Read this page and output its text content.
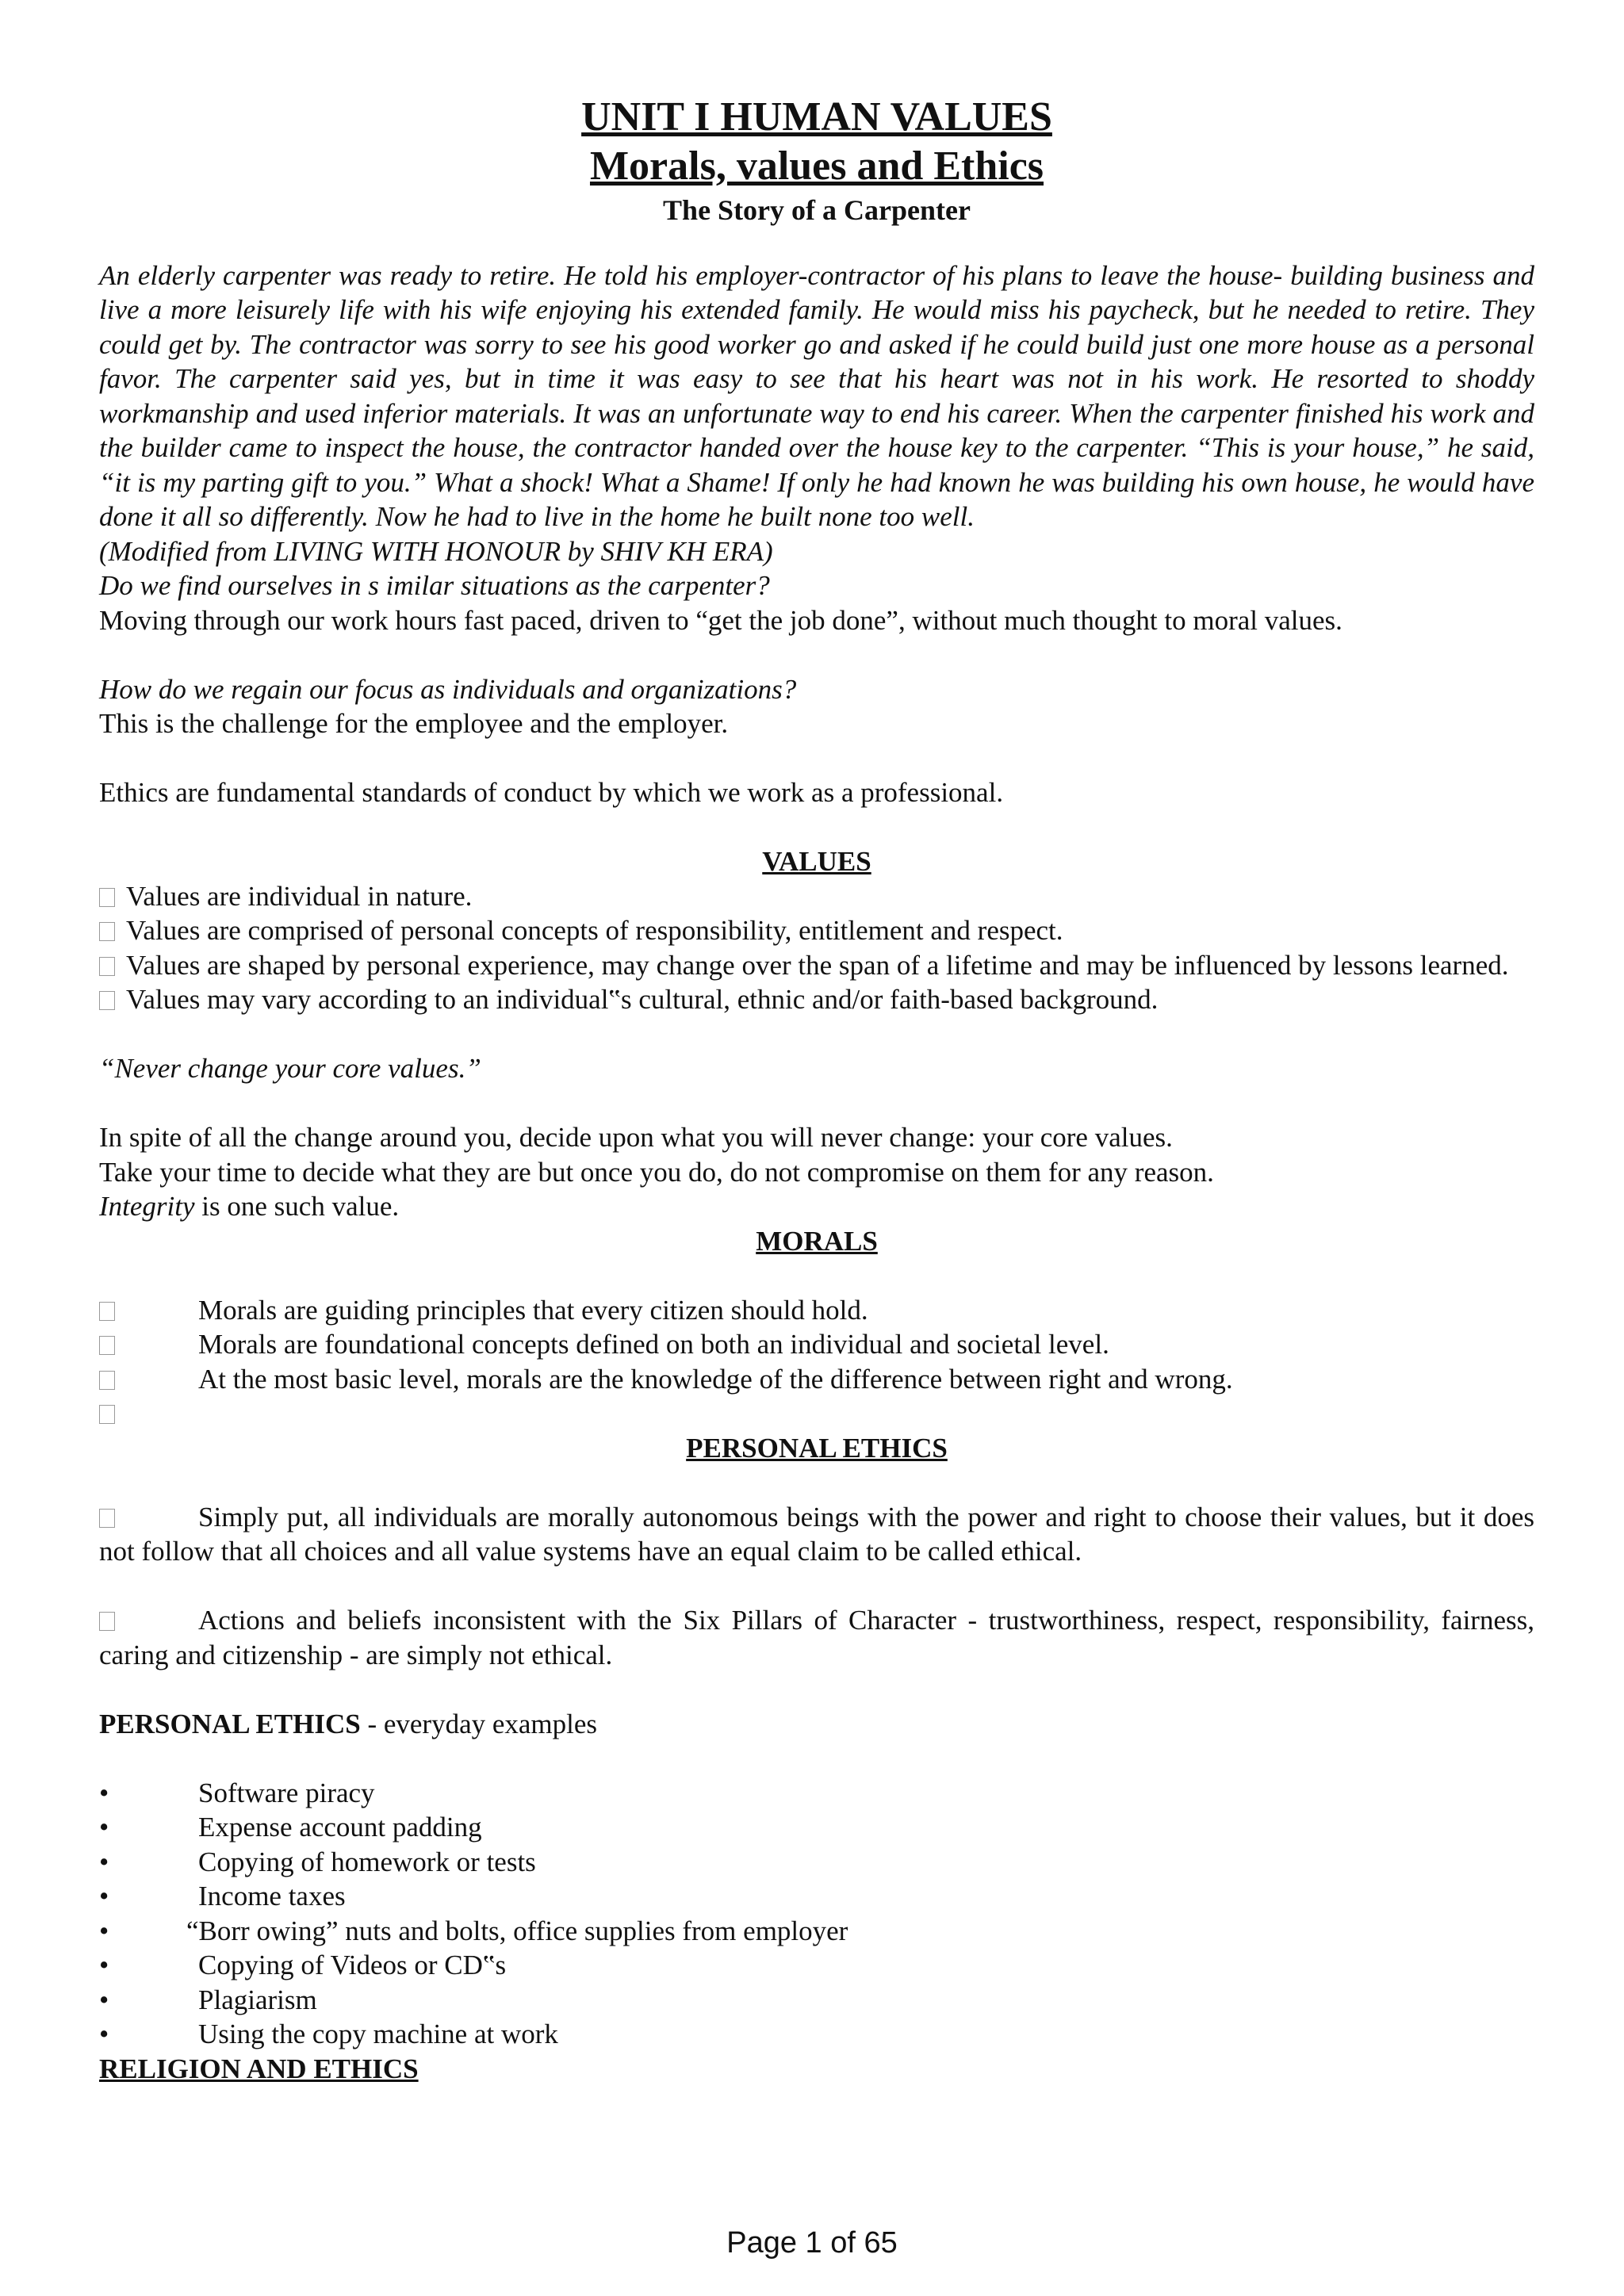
UNIT I HUMAN VALUES
Morals, values and Ethics
The Story of a Carpenter

An elderly carpenter was ready to retire. He told his employer-contractor of his plans to leave the house- building business and live a more leisurely life with his wife enjoying his extended family. He would miss his paycheck, but he needed to retire. They could get by. The contractor was sorry to see his good worker go and asked if he could build just one more house as a personal favor. The carpenter said yes, but in time it was easy to see that his heart was not in his work. He resorted to shoddy workmanship and used inferior materials. It was an unfortunate way to end his career. When the carpenter finished his work and the builder came to inspect the house, the contractor handed over the house key to the carpenter. “This is your house,” he said, “it is my parting gift to you.” What a shock! What a Shame! If only he had known he was building his own house, he would have done it all so differently. Now he had to live in the home he built none too well.

(Modified from LIVING WITH HONOUR by SHIV KH ERA)

Do we find ourselves in s imilar situations as the carpenter?

Moving through our work hours fast paced, driven to “get the job done”, without much thought to moral values.

How do we regain our focus as individuals and organizations?

This is the challenge for the employee and the employer.

Ethics are fundamental standards of conduct by which we work as a professional.

VALUES

Values are individual in nature.

Values are comprised of personal concepts of responsibility, entitlement and respect.

Values are shaped by personal experience, may change over the span of a lifetime and may be influenced by lessons learned.

Values may vary according to an individual‟s cultural, ethnic and/or faith-based background.

“Never change your core values.”

In spite of all the change around you, decide upon what you will never change: your core values.

Take your time to decide what they are but once you do, do not compromise on them for any reason.

Integrity is one such value.

MORALS
Morals are guiding principles that every citizen should hold.
Morals are foundational concepts defined on both an individual and societal level.
At the most basic level, morals are the knowledge of the difference between right and wrong.
PERSONAL ETHICS

Simply put, all individuals are morally autonomous beings with the power and right to choose their values, but it does not follow that all choices and all value systems have an equal claim to be called ethical.

Actions and beliefs inconsistent with the Six Pillars of Character - trustworthiness, respect, responsibility, fairness, caring and citizenship - are simply not ethical.

PERSONAL ETHICS - everyday examples

•	Software piracy
•	Expense account padding
•	Copying of homework or tests
•	Income taxes
•	“Borr owing” nuts and bolts, office supplies from employer
•	Copying of Videos or CD‟s
•	Plagiarism
•	Using the copy machine at work

RELIGION AND ETHICS

Page 1 of 65
